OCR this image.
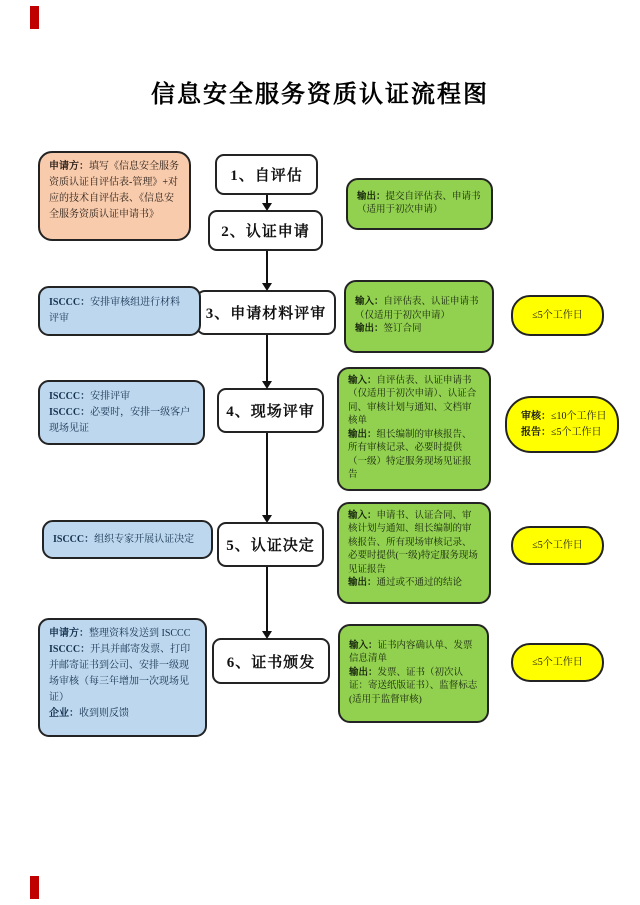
信息安全服务资质认证流程图
1、自评估
2、认证申请
3、申请材料评审
4、现场评审
5、认证决定
6、证书颁发
申请方：填写《信息安全服务资质认证自评估表-管理》+对应的技术自评估表、《信息安全服务资质认证申请书》
ISCCC：安排审核组进行材料评审
ISCCC：安排评审
ISCCC：必要时，安排一级客户现场见证
ISCCC：组织专家开展认证决定
申请方：整理资料发送到 ISCCC
ISCCC：开具并邮寄发票、打印并邮寄证书到公司、安排一级现场审核（每三年增加一次现场见证）
企业：收到则反馈
输出：提交自评估表、申请书（适用于初次申请）
输入：自评估表、认证申请书（仅适用于初次申请）
输出：签订合同
输入：自评估表、认证申请书（仅适用于初次申请）、认证合同、审核计划与通知、文档审核单
输出：组长编制的审核报告、所有审核记录、必要时提供（一级）特定服务现场见证报告
输入：申请书、认证合同、审核计划与通知、组长编制的审核报告、所有现场审核记录、必要时提供(一级)特定服务现场见证报告
输出：通过或不通过的结论
输入：证书内容确认单、发票信息清单
输出：发票、证书（初次认证：寄送纸版证书）、监督标志(适用于监督审核)
≤5个工作日
审核：≤10个工作日
报告：≤5个工作日
≤5个工作日
≤5个工作日
